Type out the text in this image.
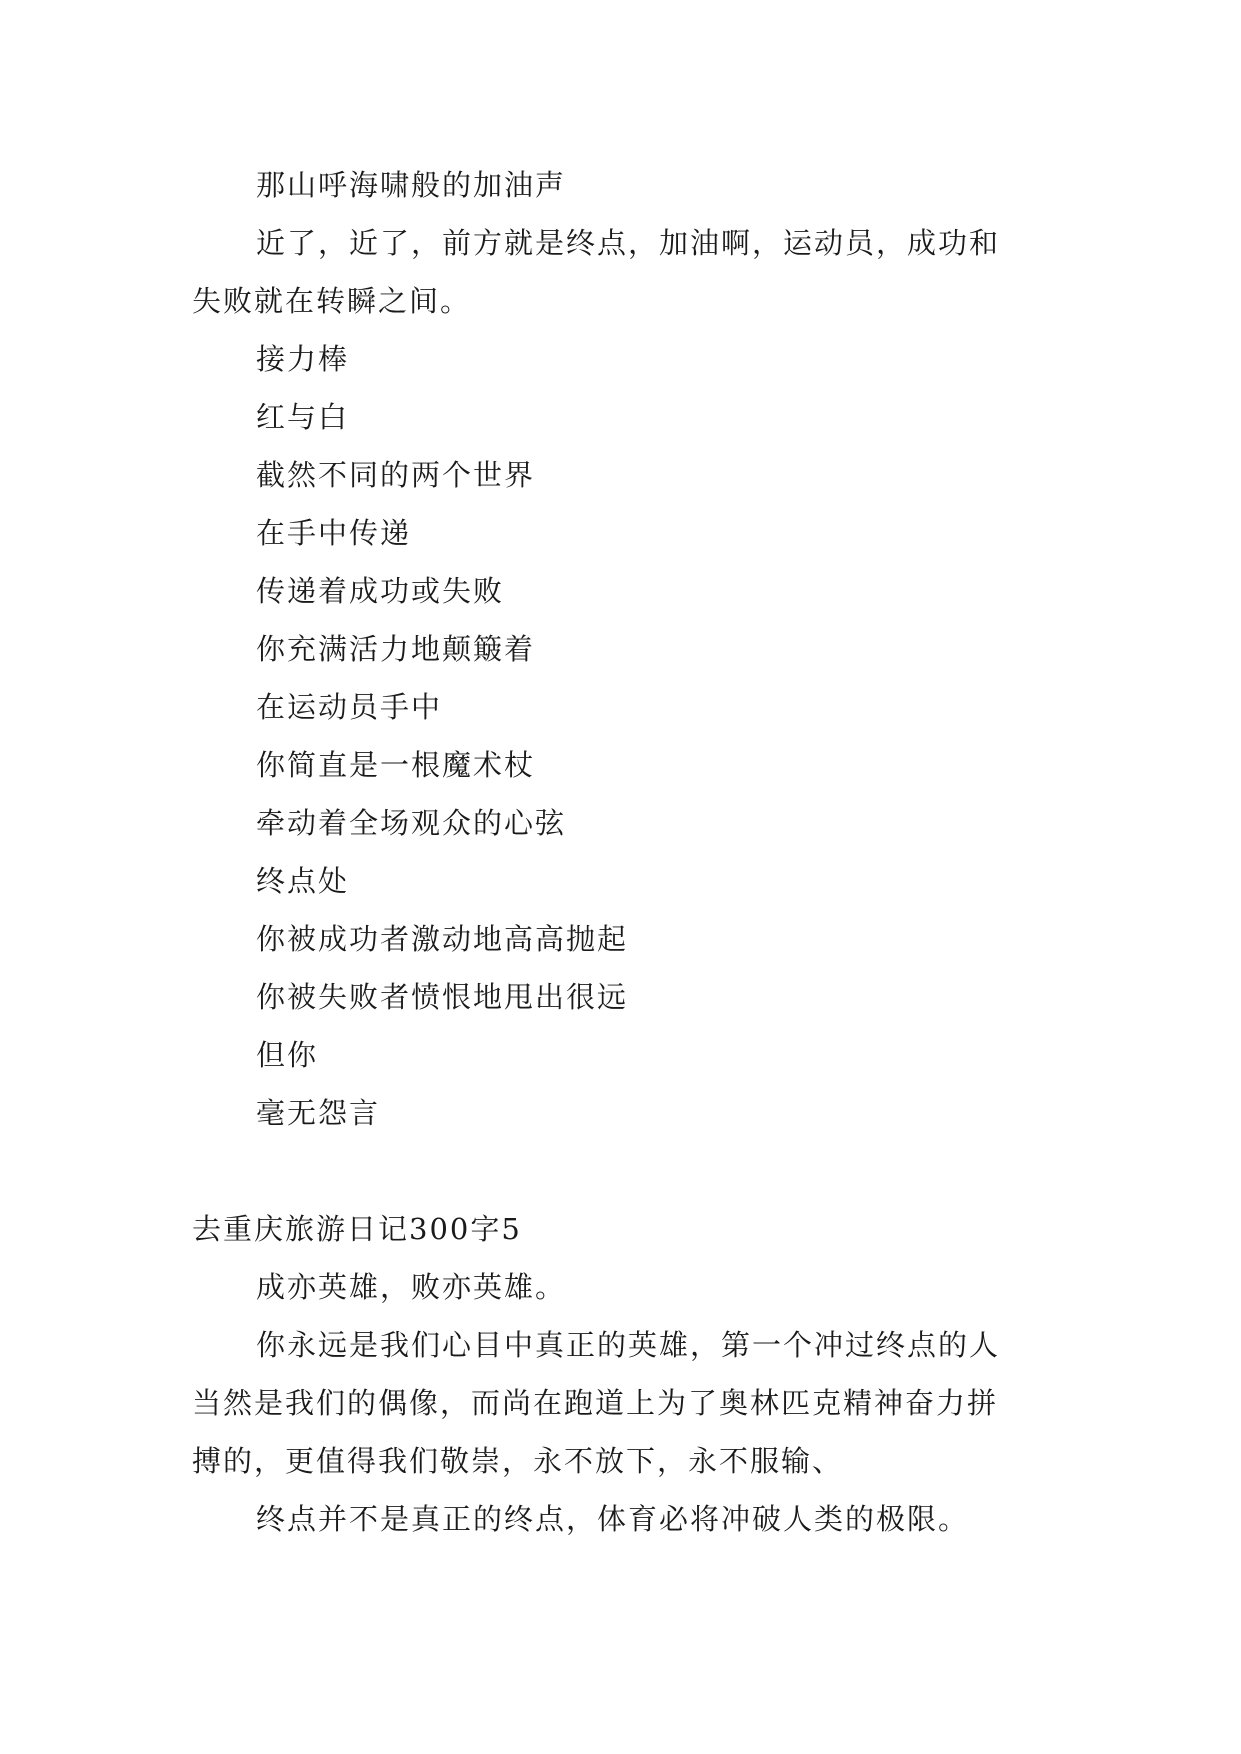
那山呼海啸般的加油声
近了，近了，前方就是终点，加油啊，运动员，成功和
失败就在转瞬之间。
接力棒
红与白
截然不同的两个世界
在手中传递
传递着成功或失败
你充满活力地颠簸着
在运动员手中
你简直是一根魔术杖
牵动着全场观众的心弦
终点处
你被成功者激动地高高抛起
你被失败者愤恨地甩出很远
但你
毫无怨言
去重庆旅游日记300字5
成亦英雄，败亦英雄。
你永远是我们心目中真正的英雄，第一个冲过终点的人
当然是我们的偶像，而尚在跑道上为了奥林匹克精神奋力拼
搏的，更值得我们敬崇，永不放下，永不服输、
终点并不是真正的终点，体育必将冲破人类的极限。
